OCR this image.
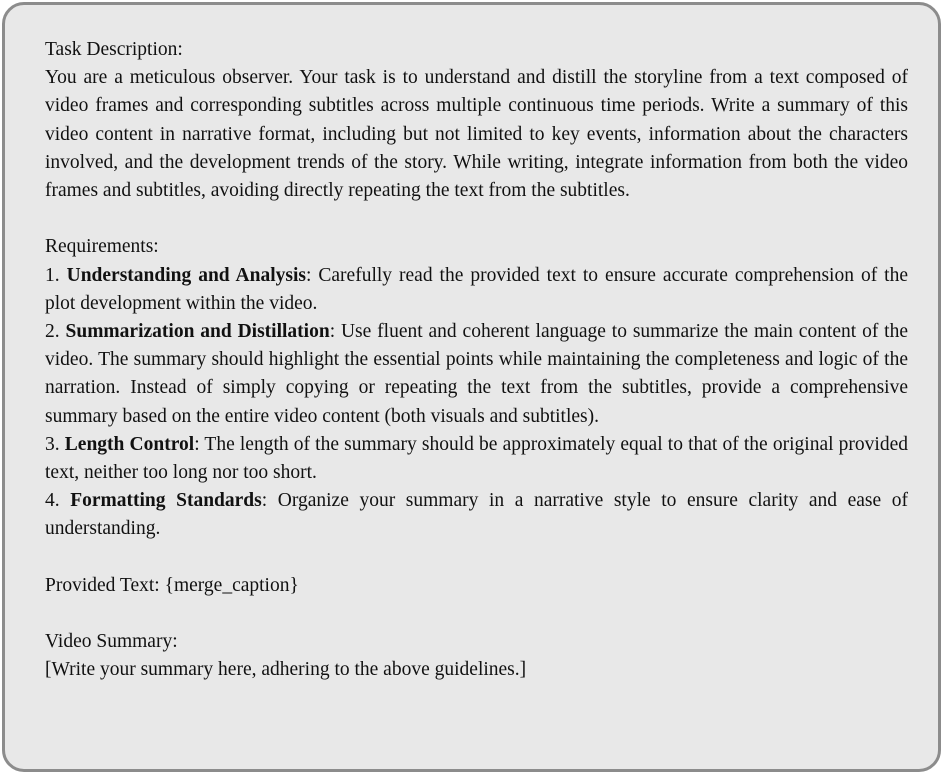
Task Description:

You are a meticulous observer. Your task is to understand and distill the storyline from a text composed of video frames and corresponding subtitles across multiple continuous time periods. Write a summary of this video content in narrative format, including but not limited to key events, information about the characters involved, and the development trends of the story. While writing, integrate information from both the video frames and subtitles, avoiding directly repeating the text from the subtitles.

Requirements:

1. Understanding and Analysis: Carefully read the provided text to ensure accurate comprehension of the plot development within the video.

2. Summarization and Distillation: Use fluent and coherent language to summarize the main content of the video. The summary should highlight the essential points while maintaining the completeness and logic of the narration. Instead of simply copying or repeating the text from the subtitles, provide a comprehensive summary based on the entire video content (both visuals and subtitles).

3. Length Control: The length of the summary should be approximately equal to that of the original provided text, neither too long nor too short.

4. Formatting Standards: Organize your summary in a narrative style to ensure clarity and ease of understanding.

Provided Text: {merge_caption}

Video Summary:

[Write your summary here, adhering to the above guidelines.]
